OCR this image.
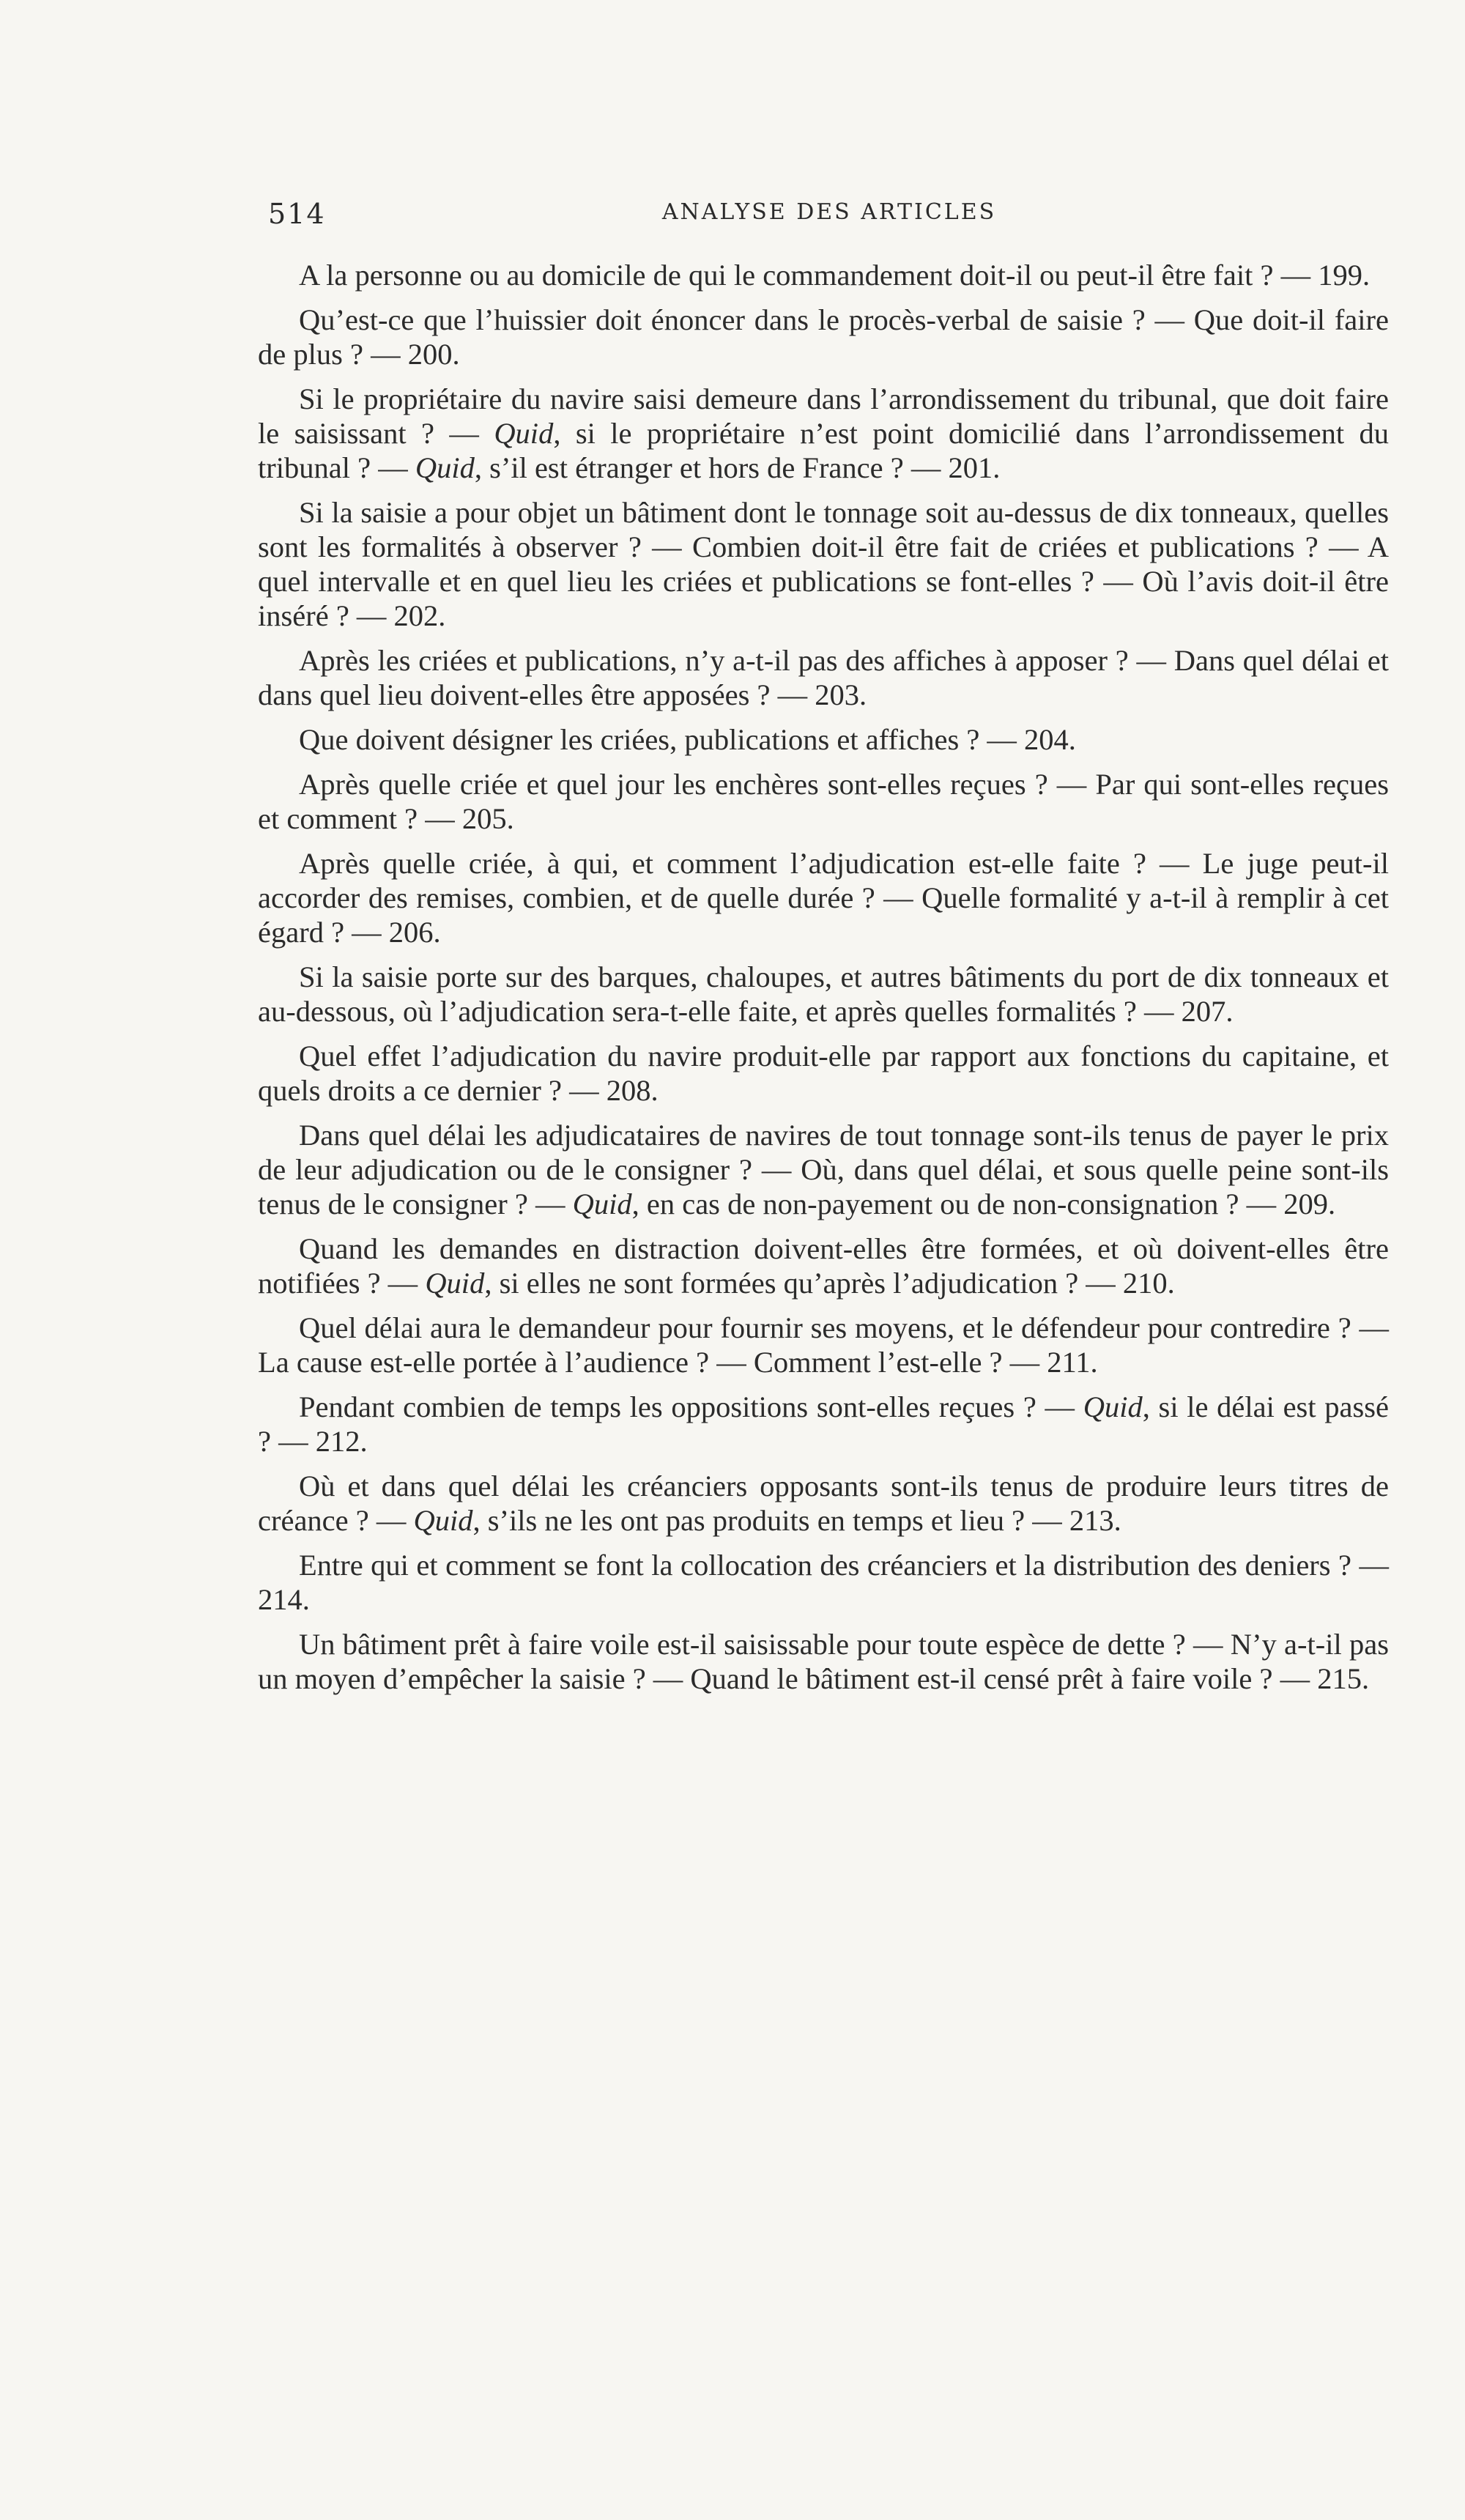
514	ANALYSE DES ARTICLES

A la personne ou au domicile de qui le commandement doit-il ou peut-il être fait ? — 199.

Qu’est-ce que l’huissier doit énoncer dans le procès-verbal de saisie ? — Que doit-il faire de plus ? — 200.

Si le propriétaire du navire saisi demeure dans l’arrondissement du tribunal, que doit faire le saisissant ? — Quid, si le propriétaire n’est point domicilié dans l’arrondissement du tribunal ? — Quid, s’il est étranger et hors de France ? — 201.

Si la saisie a pour objet un bâtiment dont le tonnage soit au-dessus de dix tonneaux, quelles sont les formalités à observer ? — Combien doit-il être fait de criées et publications ? — A quel intervalle et en quel lieu les criées et publications se font-elles ? — Où l’avis doit-il être inséré ? — 202.

Après les criées et publications, n’y a-t-il pas des affiches à apposer ? — Dans quel délai et dans quel lieu doivent-elles être apposées ? — 203.

Que doivent désigner les criées, publications et affiches ? — 204.

Après quelle criée et quel jour les enchères sont-elles reçues ? — Par qui sont-elles reçues et comment ? — 205.

Après quelle criée, à qui, et comment l’adjudication est-elle faite ? — Le juge peut-il accorder des remises, combien, et de quelle durée ? — Quelle formalité y a-t-il à remplir à cet égard ? — 206.

Si la saisie porte sur des barques, chaloupes, et autres bâtiments du port de dix tonneaux et au-dessous, où l’adjudication sera-t-elle faite, et après quelles formalités ? — 207.

Quel effet l’adjudication du navire produit-elle par rapport aux fonctions du capitaine, et quels droits a ce dernier ? — 208.

Dans quel délai les adjudicataires de navires de tout tonnage sont-ils tenus de payer le prix de leur adjudication ou de le consigner ? — Où, dans quel délai, et sous quelle peine sont-ils tenus de le consigner ? — Quid, en cas de non-payement ou de non-consignation ? — 209.

Quand les demandes en distraction doivent-elles être formées, et où doivent-elles être notifiées ? — Quid, si elles ne sont formées qu’après l’adjudication ? — 210.

Quel délai aura le demandeur pour fournir ses moyens, et le défendeur pour contredire ? — La cause est-elle portée à l’audience ? — Comment l’est-elle ? — 211.

Pendant combien de temps les oppositions sont-elles reçues ? — Quid, si le délai est passé ? — 212.

Où et dans quel délai les créanciers opposants sont-ils tenus de produire leurs titres de créance ? — Quid, s’ils ne les ont pas produits en temps et lieu ? — 213.

Entre qui et comment se font la collocation des créanciers et la distribution des deniers ? — 214.

Un bâtiment prêt à faire voile est-il saisissable pour toute espèce de dette ? — N’y a-t-il pas un moyen d’empêcher la saisie ? — Quand le bâtiment est-il censé prêt à faire voile ? — 215.
